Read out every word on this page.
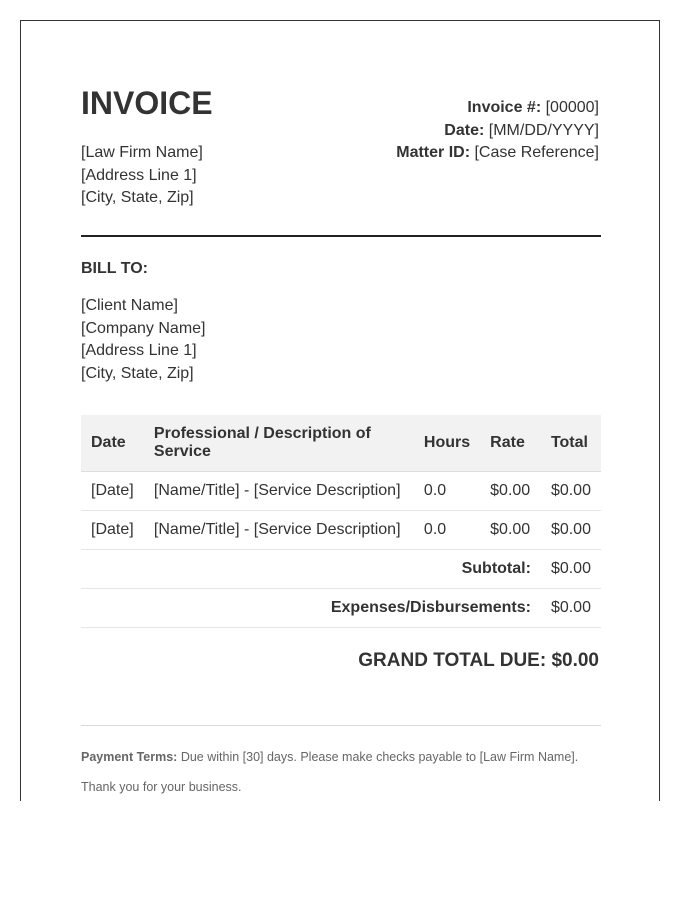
INVOICE
[Law Firm Name]
[Address Line 1]
[City, State, Zip]
Invoice #: [00000]
Date: [MM/DD/YYYY]
Matter ID: [Case Reference]
BILL TO:
[Client Name]
[Company Name]
[Address Line 1]
[City, State, Zip]
Date	Professional / Description of Service	Hours	Rate	Total
[Date]	[Name/Title] - [Service Description]	0.0	$0.00	$0.00
[Date]	[Name/Title] - [Service Description]	0.0	$0.00	$0.00
Subtotal:				$0.00
Expenses/Disbursements:				$0.00
GRAND TOTAL DUE: $0.00
Payment Terms: Due within [30] days. Please make checks payable to [Law Firm Name].
Thank you for your business.
